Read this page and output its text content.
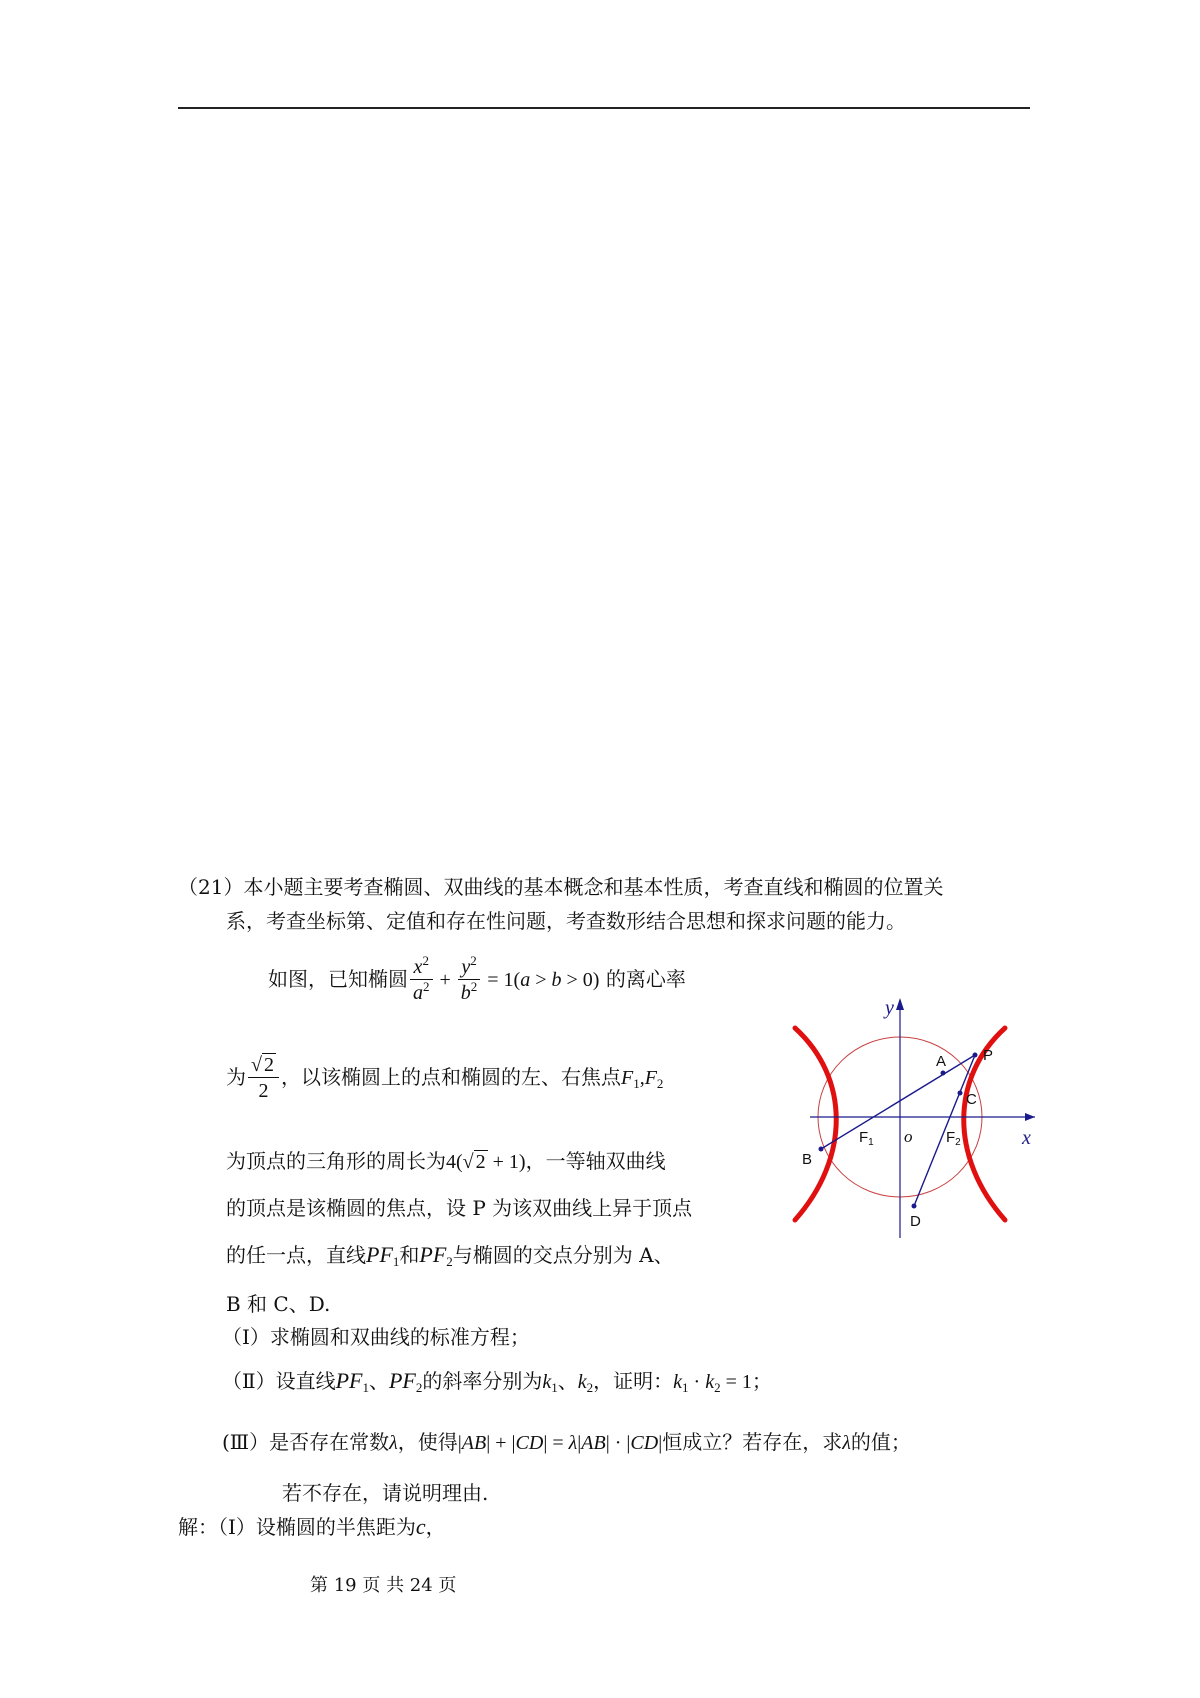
（21）本小题主要考查椭圆、双曲线的基本概念和基本性质，考查直线和椭圆的位置关
系，考查坐标第、定值和存在性问题，考查数形结合思想和探求问题的能力。
如图，已知椭圆 $\frac{x^2}{a^2} + \frac{y^2}{b^2} = 1(a > b > 0)$ 的离心率
为 $\frac{√ 2}{2}$ ，以该椭圆上的点和椭圆的左、右焦点$F_1,F_2$
为顶点的三角形的周长为4(√ 2 + 1)，一等轴双曲线
的顶点是该椭圆的焦点，设 P 为该双曲线上异于顶点
的任一点，直线$PF_1$和$PF_2$与椭圆的交点分别为 A、
B 和 C、D.
（Ⅰ）求椭圆和双曲线的标准方程；
（Ⅱ）设直线$PF_1$、$PF_2$的斜率分别为$k_1$、$k_2$，证明：$k_1 \cdot k_2 = 1$；
(Ⅲ）是否存在常数λ，使得|AB| + |CD| = λ|AB| · |CD|恒成立？若存在，求λ的值；
若不存在，请说明理由.
解：（Ⅰ）设椭圆的半焦距为c，
第 19 页 共 24 页
y
x
o
A P
C
B
D
$F_1$	$F_2$
